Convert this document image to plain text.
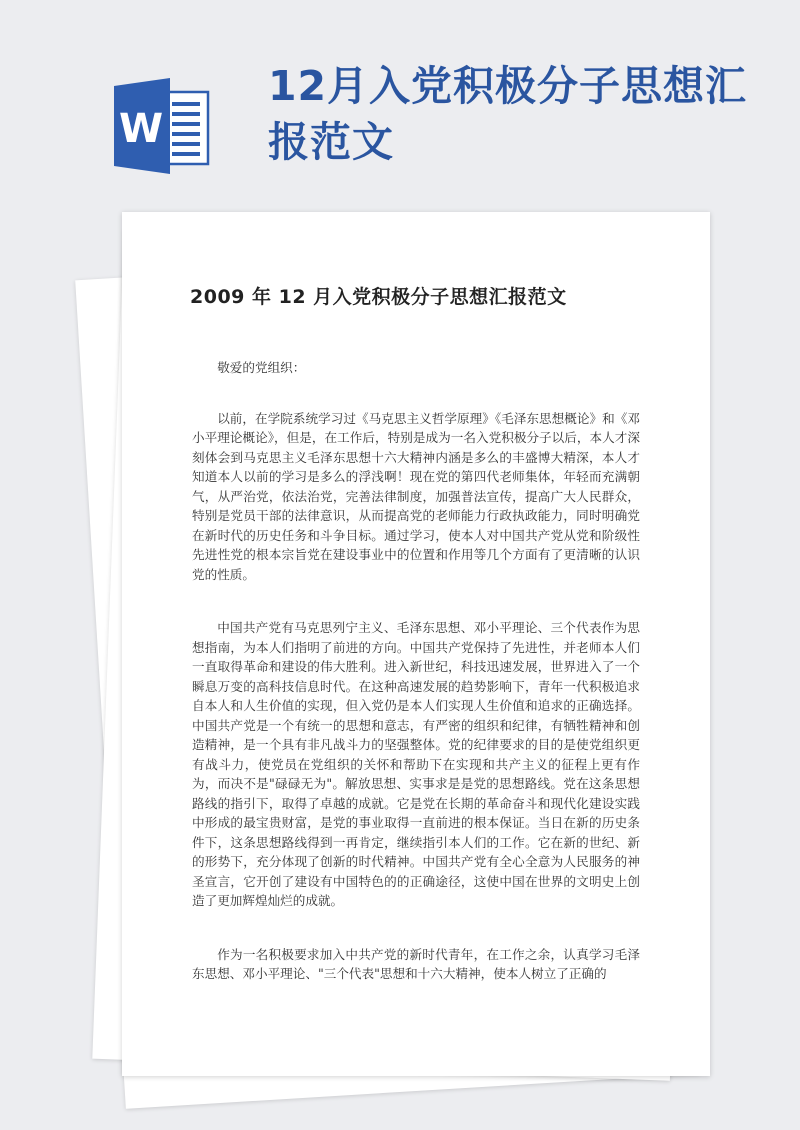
W
12月入党积极分子思想汇报范文
2009 年 12 月入党积极分子思想汇报范文

敬爱的党组织：

以前，在学院系统学习过《马克思主义哲学原理》《毛泽东思想概论》和《邓小平理论概论》，但是，在工作后，特别是成为一名入党积极分子以后，本人才深刻体会到马克思主义毛泽东思想十六大精神内涵是多么的丰盛博大精深，本人才知道本人以前的学习是多么的浮浅啊！现在党的第四代老师集体，年轻而充满朝气，从严治党，依法治党，完善法律制度，加强普法宣传，提高广大人民群众，特别是党员干部的法律意识，从而提高党的老师能力行政执政能力，同时明确党在新时代的历史任务和斗争目标。通过学习，使本人对中国共产党从党和阶级性先进性党的根本宗旨党在建设事业中的位置和作用等几个方面有了更清晰的认识党的性质。

中国共产党有马克思列宁主义、毛泽东思想、邓小平理论、三个代表作为思想指南，为本人们指明了前进的方向。中国共产党保持了先进性，并老师本人们一直取得革命和建设的伟大胜利。进入新世纪，科技迅速发展，世界进入了一个瞬息万变的高科技信息时代。在这种高速发展的趋势影响下，青年一代积极追求自本人和人生价值的实现，但入党仍是本人们实现人生价值和追求的正确选择。中国共产党是一个有统一的思想和意志，有严密的组织和纪律，有牺牲精神和创造精神，是一个具有非凡战斗力的坚强整体。党的纪律要求的目的是使党组织更有战斗力，使党员在党组织的关怀和帮助下在实现和共产主义的征程上更有作为，而决不是"碌碌无为"。解放思想、实事求是是党的思想路线。党在这条思想路线的指引下，取得了卓越的成就。它是党在长期的革命奋斗和现代化建设实践中形成的最宝贵财富，是党的事业取得一直前进的根本保证。当日在新的历史条件下，这条思想路线得到一再肯定，继续指引本人们的工作。它在新的世纪、新的形势下，充分体现了创新的时代精神。中国共产党有全心全意为人民服务的神圣宣言，它开创了建设有中国特色的的正确途径，这使中国在世界的文明史上创造了更加辉煌灿烂的成就。

作为一名积极要求加入中共产党的新时代青年，在工作之余，认真学习毛泽东思想、邓小平理论、"三个代表"思想和十六大精神，使本人树立了正确的
